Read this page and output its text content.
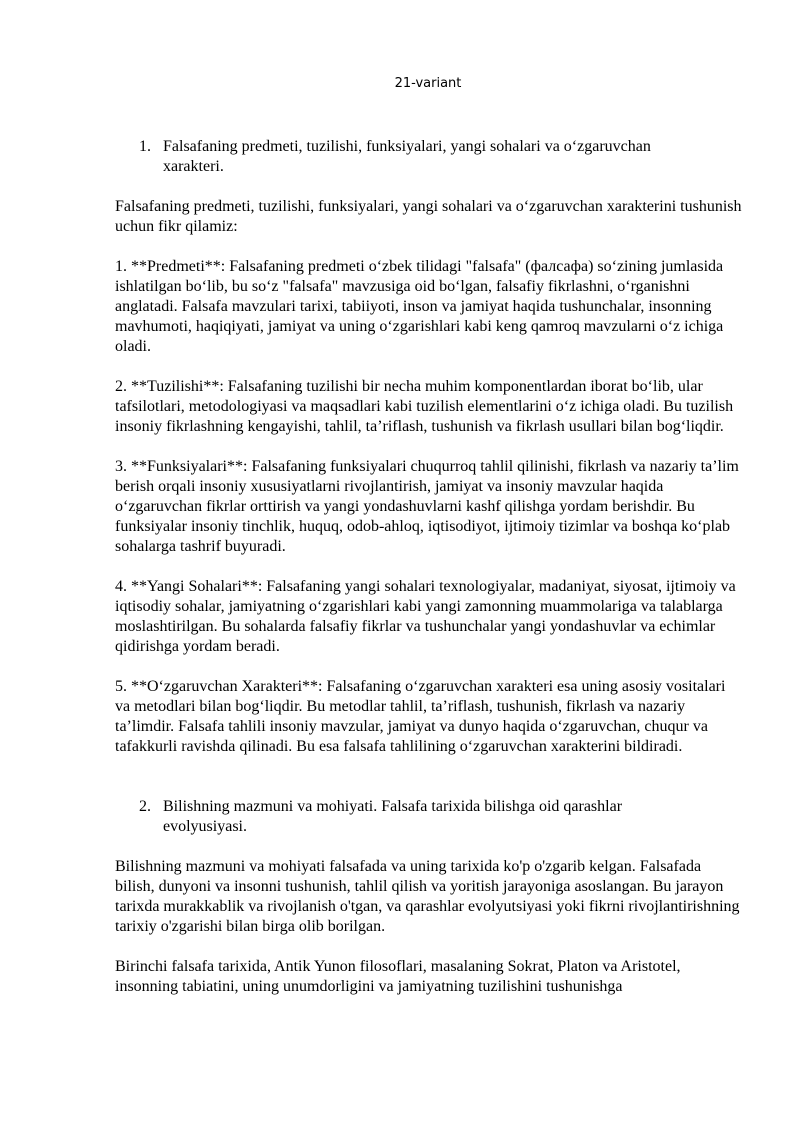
21-variant
1. Falsafaning predmeti, tuzilishi, funksiyalari, yangi sohalari va o‘zgaruvchan xarakteri.

Falsafaning predmeti, tuzilishi, funksiyalari, yangi sohalari va o‘zgaruvchan xarakterini tushunish uchun fikr qilamiz:

1. **Predmeti**: Falsafaning predmeti o‘zbek tilidagi "falsafa" (фалсафа) so‘zining jumlasida ishlatilgan bo‘lib, bu so‘z "falsafa" mavzusiga oid bo‘lgan, falsafiy fikrlashni, o‘rganishni anglatadi. Falsafa mavzulari tarixi, tabiiyoti, inson va jamiyat haqida tushunchalar, insonning mavhumoti, haqiqiyati, jamiyat va uning o‘zgarishlari kabi keng qamroq mavzularni o‘z ichiga oladi.

2. **Tuzilishi**: Falsafaning tuzilishi bir necha muhim komponentlardan iborat bo‘lib, ular tafsilotlari, metodologiyasi va maqsadlari kabi tuzilish elementlarini o‘z ichiga oladi. Bu tuzilish insoniy fikrlashning kengayishi, tahlil, ta’riflash, tushunish va fikrlash usullari bilan bog‘liqdir.

3. **Funksiyalari**: Falsafaning funksiyalari chuqurroq tahlil qilinishi, fikrlash va nazariy ta’lim berish orqali insoniy xususiyatlarni rivojlantirish, jamiyat va insoniy mavzular haqida o‘zgaruvchan fikrlar orttirish va yangi yondashuvlarni kashf qilishga yordam berishdir. Bu funksiyalar insoniy tinchlik, huquq, odob-ahloq, iqtisodiyot, ijtimoiy tizimlar va boshqa ko‘plab sohalarga tashrif buyuradi.

4. **Yangi Sohalari**: Falsafaning yangi sohalari texnologiyalar, madaniyat, siyosat, ijtimoiy va iqtisodiy sohalar, jamiyatning o‘zgarishlari kabi yangi zamonning muammolariga va talablarga moslashtirilgan. Bu sohalarda falsafiy fikrlar va tushunchalar yangi yondashuvlar va echimlar qidirishga yordam beradi.

5. **O‘zgaruvchan Xarakteri**: Falsafaning o‘zgaruvchan xarakteri esa uning asosiy vositalari va metodlari bilan bog‘liqdir. Bu metodlar tahlil, ta’riflash, tushunish, fikrlash va nazariy ta’limdir. Falsafa tahlili insoniy mavzular, jamiyat va dunyo haqida o‘zgaruvchan, chuqur va tafakkurli ravishda qilinadi. Bu esa falsafa tahlilining o‘zgaruvchan xarakterini bildiradi.

2. Bilishning mazmuni va mohiyati. Falsafa tarixida bilishga oid qarashlar evolyusiyasi.

Bilishning mazmuni va mohiyati falsafada va uning tarixida ko'p o'zgarib kelgan. Falsafada bilish, dunyoni va insonni tushunish, tahlil qilish va yoritish jarayoniga asoslangan. Bu jarayon tarixda murakkablik va rivojlanish o'tgan, va qarashlar evolyutsiyasi yoki fikrni rivojlantirishning tarixiy o'zgarishi bilan birga olib borilgan.

Birinchi falsafa tarixida, Antik Yunon filosoflari, masalaning Sokrat, Platon va Aristotel, insonning tabiatini, uning unumdorligini va jamiyatning tuzilishini tushunishga
